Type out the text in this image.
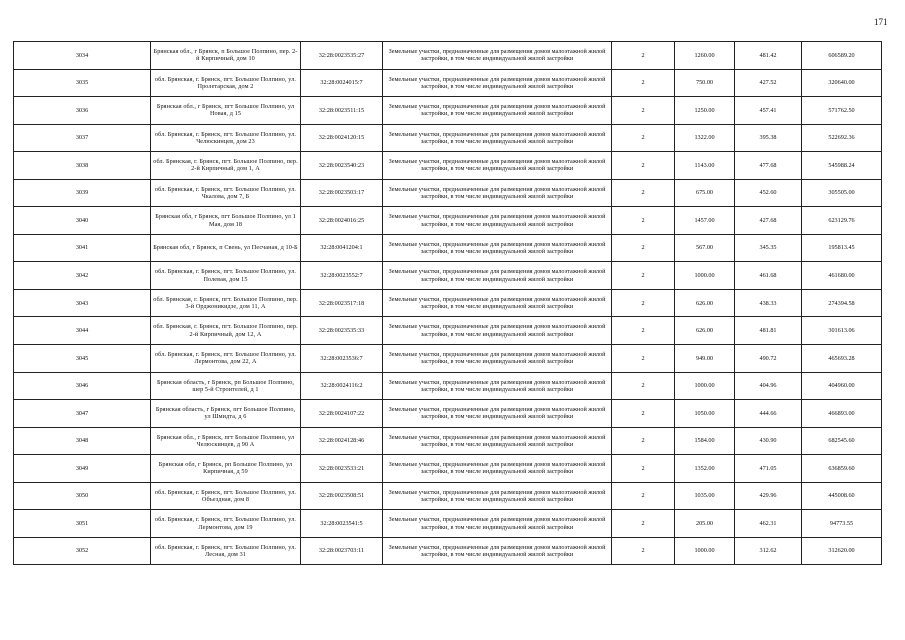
171
3034	Брянская обл., г Брянск, п Большое Полпино, пер. 2-й Кирпичный, дом 10	32:28:0023535:27	Земельные участки, предназначенные для размещения домов малоэтажной жилой застройки, в том числе индивидуальной жилой застройки	2	1260.00	481.42	606589.20
3035	обл. Брянская, г. Брянск, пгт. Большое Полпино, ул. Пролетарская, дом 2	32:28:0024015:7	Земельные участки, предназначенные для размещения домов малоэтажной жилой застройки, в том числе индивидуальной жилой застройки	2	750.00	427.52	320640.00
3036	Брянская обл., г Брянск, пгт Большое Полпино, ул Новая, д 15	32:28:0023511:15	Земельные участки, предназначенные для размещения домов малоэтажной жилой застройки, в том числе индивидуальной жилой застройки	2	1250.00	457.41	571762.50
3037	обл. Брянская, г. Брянск, пгт. Большое Полпино, ул. Челюскинцев, дом 23	32:28:0024120:15	Земельные участки, предназначенные для размещения домов малоэтажной жилой застройки, в том числе индивидуальной жилой застройки	2	1322.00	395.38	522692.36
3038	обл. Брянская, г. Брянск, пгт. Большое Полпино, пер. 2-й Кирпичный, дом 1, А	32:28:0023540:23	Земельные участки, предназначенные для размещения домов малоэтажной жилой застройки, в том числе индивидуальной жилой застройки	2	1143.00	477.68	545988.24
3039	обл. Брянская, г. Брянск, пгт. Большое Полпино, ул. Чкалова, дом 7, Б	32:28:0023503:17	Земельные участки, предназначенные для размещения домов малоэтажной жилой застройки, в том числе индивидуальной жилой застройки	2	675.00	452.60	305505.00
3040	Брянская обл, г Брянск, пгт Большое Полпино, ул 1 Мая, дом 18	32:28:0024016:25	Земельные участки, предназначенные для размещения домов малоэтажной жилой застройки, в том числе индивидуальной жилой застройки	2	1457.00	427.68	623129.76
3041	Брянская обл, г Брянск, п Свень, ул Песчаная, д 10-Б	32:28:0041204:1	Земельные участки, предназначенные для размещения домов малоэтажной жилой застройки, в том числе индивидуальной жилой застройки	2	567.00	345.35	195813.45
3042	обл. Брянская, г. Брянск, пгт. Большое Полпино, ул. Полевая, дом 15	32:28:0023552:7	Земельные участки, предназначенные для размещения домов малоэтажной жилой застройки, в том числе индивидуальной жилой застройки	2	1000.00	461.68	461680.00
3043	обл. Брянская, г. Брянск, пгт. Большое Полпино, пер. 3-й Орджоникидзе, дом 11, А	32:28:0023517:18	Земельные участки, предназначенные для размещения домов малоэтажной жилой застройки, в том числе индивидуальной жилой застройки	2	626.00	438.33	274394.58
3044	обл. Брянская, г. Брянск, пгт. Большое Полпино, пер. 2-й Кирпичный, дом 12, А	32:28:0023535:33	Земельные участки, предназначенные для размещения домов малоэтажной жилой застройки, в том числе индивидуальной жилой застройки	2	626.00	481.81	301613.06
3045	обл. Брянская, г. Брянск, пгт. Большое Полпино, ул. Лермонтова, дом 22, А	32:28:0023536:7	Земельные участки, предназначенные для размещения домов малоэтажной жилой застройки, в том числе индивидуальной жилой застройки	2	949.00	490.72	465693.28
3046	Брянская область, г Брянск, рп Большое Полпино, шер 5-й Строителей, д 1	32:28:0024116:2	Земельные участки, предназначенные для размещения домов малоэтажной жилой застройки, в том числе индивидуальной жилой застройки	2	1000.00	404.96	404960.00
3047	Брянская область, г Брянск, пгт Большое Полпино, ул Шмидта, д 6	32:28:0024107:22	Земельные участки, предназначенные для размещения домов малоэтажной жилой застройки, в том числе индивидуальной жилой застройки	2	1050.00	444.66	466893.00
3048	Брянская обл., г Брянск, пгт Большое Полпино, ул Челюскинцев, д 90 А	32:28:0024128:46	Земельные участки, предназначенные для размещения домов малоэтажной жилой застройки, в том числе индивидуальной жилой застройки	2	1584.00	430.90	682545.60
3049	Брянская обл, г Брянск, рп Большое Полпино, ул Кирпичная, д 59	32:28:0023533:21	Земельные участки, предназначенные для размещения домов малоэтажной жилой застройки, в том числе индивидуальной жилой застройки	2	1352.00	471.05	636859.60
3050	обл. Брянская, г. Брянск, пгт. Большое Полпино, ул. Объездная, дом 8	32:28:0023508:51	Земельные участки, предназначенные для размещения домов малоэтажной жилой застройки, в том числе индивидуальной жилой застройки	2	1035.00	429.96	445008.60
3051	обл. Брянская, г. Брянск, пгт. Большое Полпино, ул. Лермонтова, дом 19	32:28:0023541:5	Земельные участки, предназначенные для размещения домов малоэтажной жилой застройки, в том числе индивидуальной жилой застройки	2	205.00	462.31	94773.55
3052	обл. Брянская, г. Брянск, пгт. Большое Полпино, ул. Лесная, дом 31	32:28:0023703:11	Земельные участки, предназначенные для размещения домов малоэтажной жилой застройки, в том числе индивидуальной жилой застройки	2	1000.00	312.62	312620.00
